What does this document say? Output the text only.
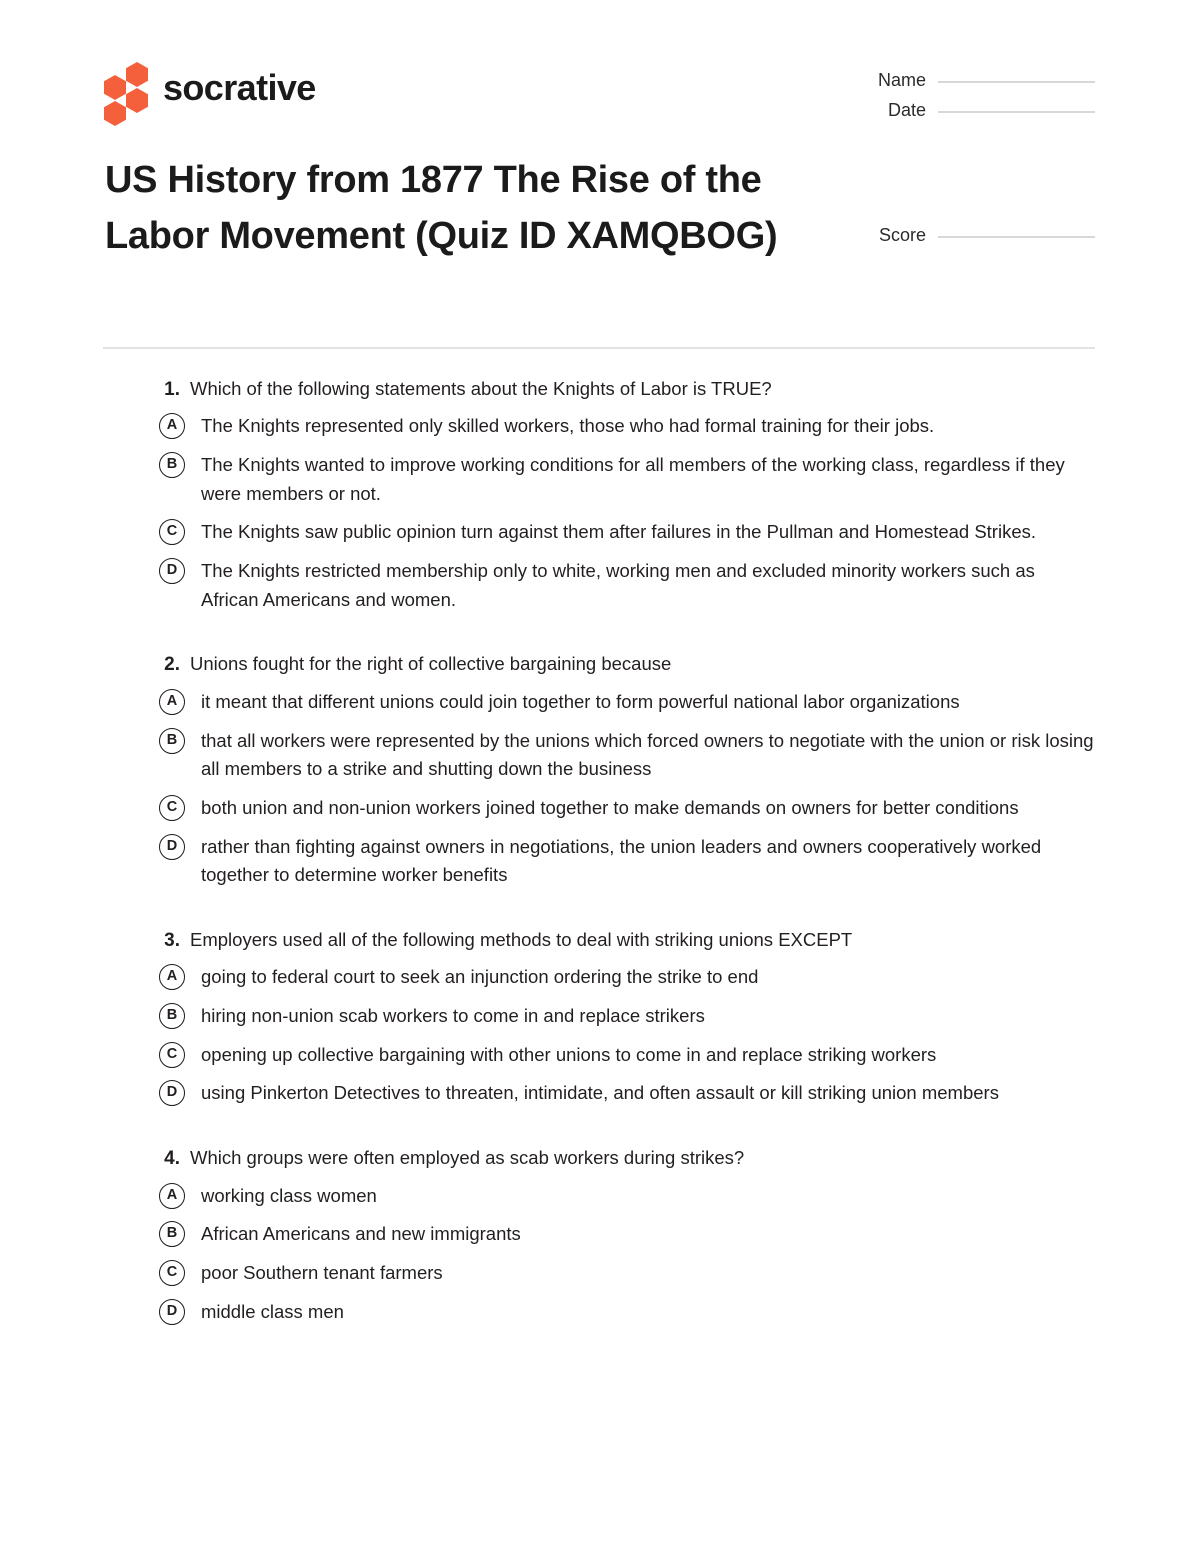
socrative	Name
Date
Score
US History from 1877 The Rise of the Labor Movement (Quiz ID XAMQBOG)
1. Which of the following statements about the Knights of Labor is TRUE?
A	The Knights represented only skilled workers, those who had formal training for their jobs.
B	The Knights wanted to improve working conditions for all members of the working class, regardless if they were members or not.
C	The Knights saw public opinion turn against them after failures in the Pullman and Homestead Strikes.
D	The Knights restricted membership only to white, working men and excluded minority workers such as African Americans and women.
2. Unions fought for the right of collective bargaining because
A	it meant that different unions could join together to form powerful national labor organizations
B	that all workers were represented by the unions which forced owners to negotiate with the union or risk losing all members to a strike and shutting down the business
C	both union and non-union workers joined together to make demands on owners for better conditions
D	rather than fighting against owners in negotiations, the union leaders and owners cooperatively worked together to determine worker benefits
3. Employers used all of the following methods to deal with striking unions EXCEPT
A	going to federal court to seek an injunction ordering the strike to end
B	hiring non-union scab workers to come in and replace strikers
C	opening up collective bargaining with other unions to come in and replace striking workers
D	using Pinkerton Detectives to threaten, intimidate, and often assault or kill striking union members
4. Which groups were often employed as scab workers during strikes?
A	working class women
B	African Americans and new immigrants
C	poor Southern tenant farmers
D	middle class men
